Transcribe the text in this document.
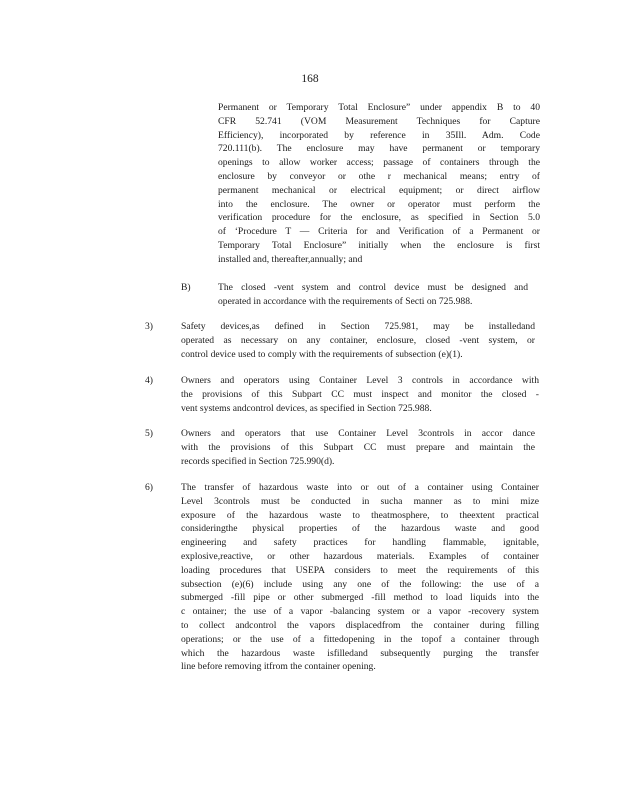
168
Permanent or Temporary Total Enclosure” under appendix B to 40
CFR 52.741 (VOM Measurement Techniques for Capture
Efficiency), incorporated by reference in 35Ill. Adm. Code
720.111(b). The enclosure may have permanent or temporary
openings to allow worker access; passage of containers through the
enclosure by conveyor or othe r mechanical means; entry of
permanent mechanical or electrical equipment; or direct airflow
into the enclosure. The owner or operator must perform the
verification procedure for the enclosure, as specified in Section 5.0
of ‘Procedure T — Criteria for and Verification of a Permanent or
Temporary Total Enclosure” initially when the enclosure is first
installed and, thereafter,annually; and
B)	The closed -vent system and control device must be designed and
operated in accordance with the requirements of Secti on 725.988.
3)	Safety devices,as defined in Section 725.981, may be installedand
operated as necessary on any container, enclosure, closed -vent system, or
control device used to comply with the requirements of subsection (e)(1).
4)	Owners and operators using Container Level 3 controls in accordance with
the provisions of this Subpart CC must inspect and monitor the closed -
vent systems andcontrol devices, as specified in Section 725.988.
5)	Owners and operators that use Container Level 3controls in accor dance
with the provisions of this Subpart CC must prepare and maintain the
records specified in Section 725.990(d).
6)	The transfer of hazardous waste into or out of a container using Container
Level 3controls must be conducted in sucha manner as to mini mize
exposure of the hazardous waste to theatmosphere, to theextent practical
consideringthe physical properties of the hazardous waste and good
engineering and safety practices for handling flammable, ignitable,
explosive,reactive, or other hazardous materials. Examples of container
loading procedures that USEPA considers to meet the requirements of this
subsection (e)(6) include using any one of the following: the use of a
submerged -fill pipe or other submerged -fill method to load liquids into the
c ontainer; the use of a vapor -balancing system or a vapor -recovery system
to collect andcontrol the vapors displacedfrom the container during filling
operations; or the use of a fittedopening in the topof a container through
which the hazardous waste isfilledand subsequently purging the transfer
line before removing itfrom the container opening.
